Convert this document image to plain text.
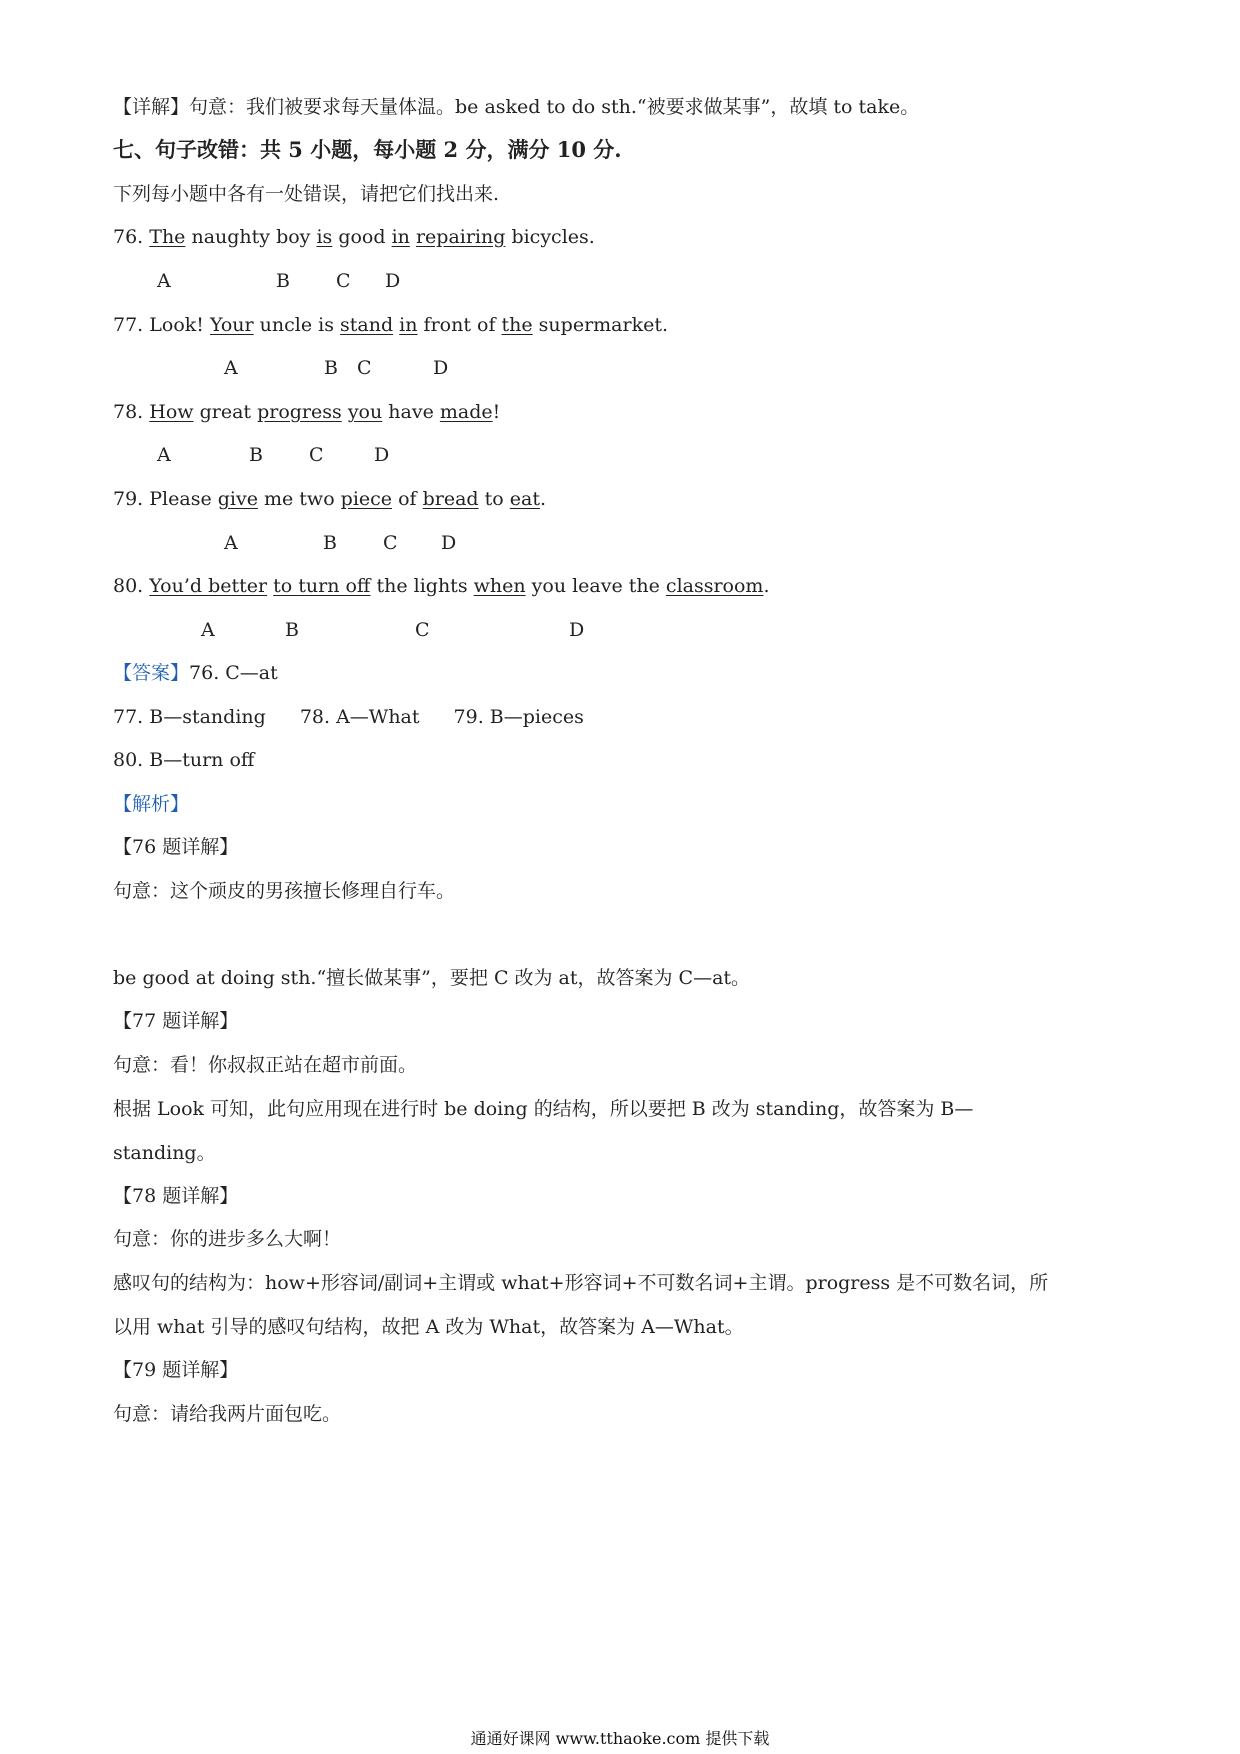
【详解】句意：我们被要求每天量体温。be asked to do sth.“被要求做某事”，故填 to take。
七、句子改错：共 5 小题，每小题 2 分，满分 10 分.
下列每小题中各有一处错误，请把它们找出来.
76. The naughty boy is good in repairing bicycles.
A	B C D
77. Look! Your uncle is stand in front of the supermarket.
A	B C	D
78. How great progress you have made!
A	B C	D
79. Please give me two piece of bread to eat.
A	B C D
80. You’d better to turn off the lights when you leave the classroom.
A	B	C	D
【答案】76. C—at
77. B—standing 78. A—What 79. B—pieces
80. B—turn off
【解析】
【76 题详解】
句意：这个顽皮的男孩擅长修理自行车。
be good at doing sth.“擅长做某事”，要把 C 改为 at，故答案为 C—at。
【77 题详解】
句意：看！你叔叔正站在超市前面。
根据 Look 可知，此句应用现在进行时 be doing 的结构，所以要把 B 改为 standing，故答案为 B—
standing。
【78 题详解】
句意：你的进步多么大啊！
感叹句的结构为：how+形容词/副词+主谓或 what+形容词+不可数名词+主谓。progress 是不可数名词，所
以用 what 引导的感叹句结构，故把 A 改为 What，故答案为 A—What。
【79 题详解】
句意：请给我两片面包吃。
通通好课网 www.tthaoke.com 提供下载
